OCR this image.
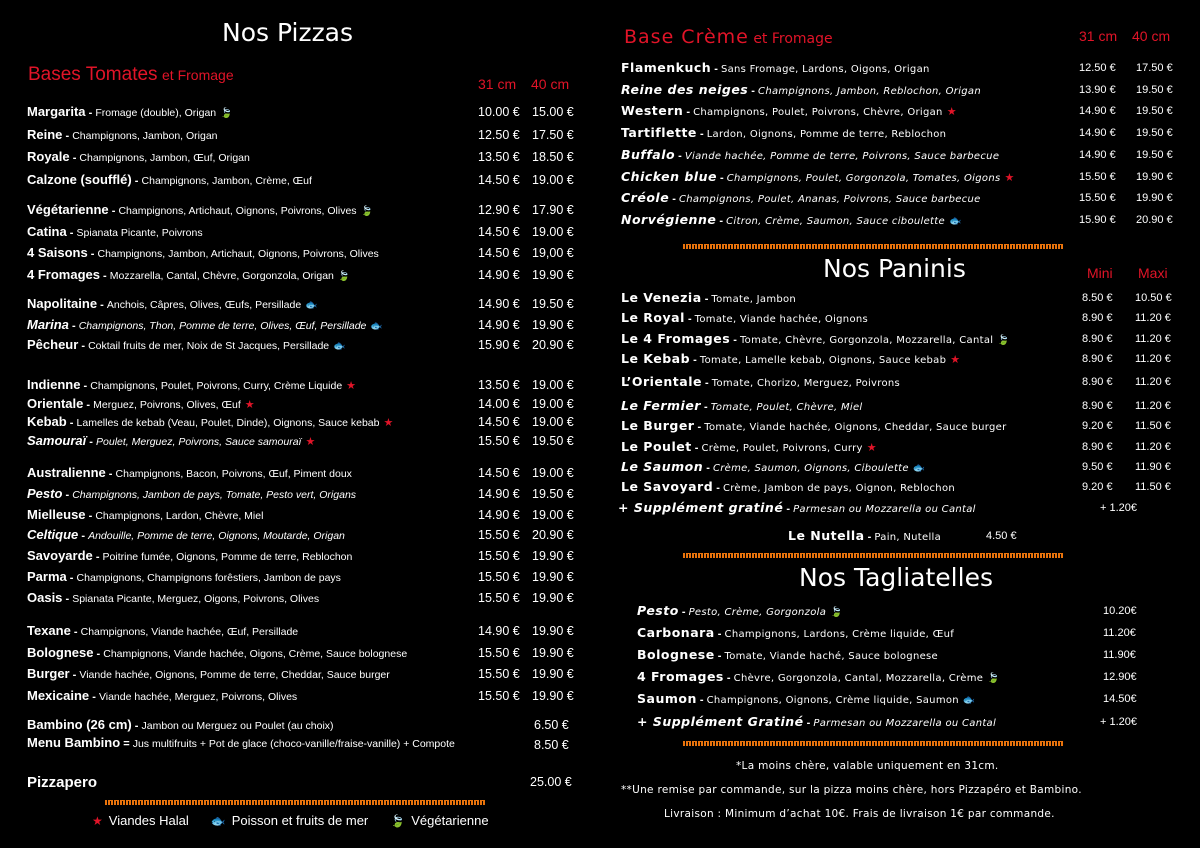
Nos Pizzas
Bases Tomates et Fromage
31 cm 40 cm
Margarita - Fromage (double), Origan 🍃	10.00 € 15.00 €
Reine - Champignons, Jambon, Origan	12.50 € 17.50 €
Royale - Champignons, Jambon, Œuf, Origan	13.50 € 18.50 €
Calzone (soufflé) - Champignons, Jambon, Crème, Œuf	14.50 € 19.00 €
Végétarienne - Champignons, Artichaut, Oignons, Poivrons, Olives 🍃	12.90 € 17.90 €
Catina - Spianata Picante, Poivrons	14.50 € 19.00 €
4 Saisons - Champignons, Jambon, Artichaut, Oignons, Poivrons, Olives	14.50 € 19,00 €
4 Fromages - Mozzarella, Cantal, Chèvre, Gorgonzola, Origan 🍃	14.90 € 19.90 €
Napolitaine - Anchois, Câpres, Olives, Œufs, Persillade 🐟	14.90 € 19.50 €
Marina - Champignons, Thon, Pomme de terre, Olives, Œuf, Persillade 🐟	14.90 € 19.90 €
Pêcheur - Coktail fruits de mer, Noix de St Jacques, Persillade 🐟	15.90 € 20.90 €
Indienne - Champignons, Poulet, Poivrons, Curry, Crème Liquide ★	13.50 € 19.00 €
Orientale - Merguez, Poivrons, Olives, Œuf ★	14.00 € 19.00 €
Kebab - Lamelles de kebab (Veau, Poulet, Dinde), Oignons, Sauce kebab ★	14.50 € 19.00 €
Samouraï - Poulet, Merguez, Poivrons, Sauce samouraï ★	15.50 € 19.50 €
Australienne - Champignons, Bacon, Poivrons, Œuf, Piment doux	14.50 € 19.00 €
Pesto - Champignons, Jambon de pays, Tomate, Pesto vert, Origans	14.90 € 19.50 €
Mielleuse - Champignons, Lardon, Chèvre, Miel	14.90 € 19.00 €
Celtique - Andouille, Pomme de terre, Oignons, Moutarde, Origan	15.50 € 20.90 €
Savoyarde - Poitrine fumée, Oignons, Pomme de terre, Reblochon	15.50 € 19.90 €
Parma - Champignons, Champignons forêstiers, Jambon de pays	15.50 € 19.90 €
Oasis - Spianata Picante, Merguez, Oigons, Poivrons, Olives	15.50 € 19.90 €
Texane - Champignons, Viande hachée, Œuf, Persillade	14.90 € 19.90 €
Bolognese - Champignons, Viande hachée, Oigons, Crème, Sauce bolognese	15.50 € 19.90 €
Burger - Viande hachée, Oignons, Pomme de terre, Cheddar, Sauce burger	15.50 € 19.90 €
Mexicaine - Viande hachée, Merguez, Poivrons, Olives	15.50 € 19.90 €
Bambino (26 cm) - Jambon ou Merguez ou Poulet (au choix)	6.50 €
Menu Bambino = Jus multifruits + Pot de glace (choco-vanille/fraise-vanille) + Compote	8.50 €
Pizzapero	25.00 €
★ Viandes Halal 🐟 Poisson et fruits de mer 🍃 Végétarienne
Base Crème et Fromage	31 cm 40 cm
Flamenkuch - Sans Fromage, Lardons, Oigons, Origan	12.50 € 17.50 €
Reine des neiges - Champignons, Jambon, Reblochon, Origan	13.90 € 19.50 €
Western - Champignons, Poulet, Poivrons, Chèvre, Origan ★	14.90 € 19.50 €
Tartiflette - Lardon, Oignons, Pomme de terre, Reblochon	14.90 € 19.50 €
Buffalo - Viande hachée, Pomme de terre, Poivrons, Sauce barbecue	14.90 € 19.50 €
Chicken blue - Champignons, Poulet, Gorgonzola, Tomates, Oigons ★	15.50 € 19.90 €
Créole - Champignons, Poulet, Ananas, Poivrons, Sauce barbecue	15.50 € 19.90 €
Norvégienne - Citron, Crème, Saumon, Sauce ciboulette 🐟	15.90 € 20.90 €
Nos Paninis	Mini Maxi
Le Venezia - Tomate, Jambon	8.50 € 10.50 €
Le Royal - Tomate, Viande hachée, Oignons	8.90 € 11.20 €
Le 4 Fromages - Tomate, Chèvre, Gorgonzola, Mozzarella, Cantal 🍃	8.90 € 11.20 €
Le Kebab - Tomate, Lamelle kebab, Oignons, Sauce kebab ★	8.90 € 11.20 €
L’Orientale - Tomate, Chorizo, Merguez, Poivrons	8.90 € 11.20 €
Le Fermier - Tomate, Poulet, Chèvre, Miel	8.90 € 11.20 €
Le Burger - Tomate, Viande hachée, Oignons, Cheddar, Sauce burger	9.20 € 11.50 €
Le Poulet - Crème, Poulet, Poivrons, Curry ★	8.90 € 11.20 €
Le Saumon - Crème, Saumon, Oignons, Ciboulette 🐟	9.50 € 11.90 €
Le Savoyard - Crème, Jambon de pays, Oignon, Reblochon	9.20 € 11.50 €
+ Supplément gratiné - Parmesan ou Mozzarella ou Cantal	+ 1.20€
Le Nutella - Pain, Nutella	4.50 €
Nos Tagliatelles
Pesto - Pesto, Crème, Gorgonzola 🍃	10.20€
Carbonara - Champignons, Lardons, Crème liquide, Œuf	11.20€
Bolognese - Tomate, Viande haché, Sauce bolognese	11.90€
4 Fromages - Chèvre, Gorgonzola, Cantal, Mozzarella, Crème 🍃	12.90€
Saumon - Champignons, Oignons, Crème liquide, Saumon 🐟	14.50€
+ Supplément Gratiné - Parmesan ou Mozzarella ou Cantal	+ 1.20€
*La moins chère, valable uniquement en 31cm.
**Une remise par commande, sur la pizza moins chère, hors Pizzapéro et Bambino.
Livraison : Minimum d’achat 10€. Frais de livraison 1€ par commande.
